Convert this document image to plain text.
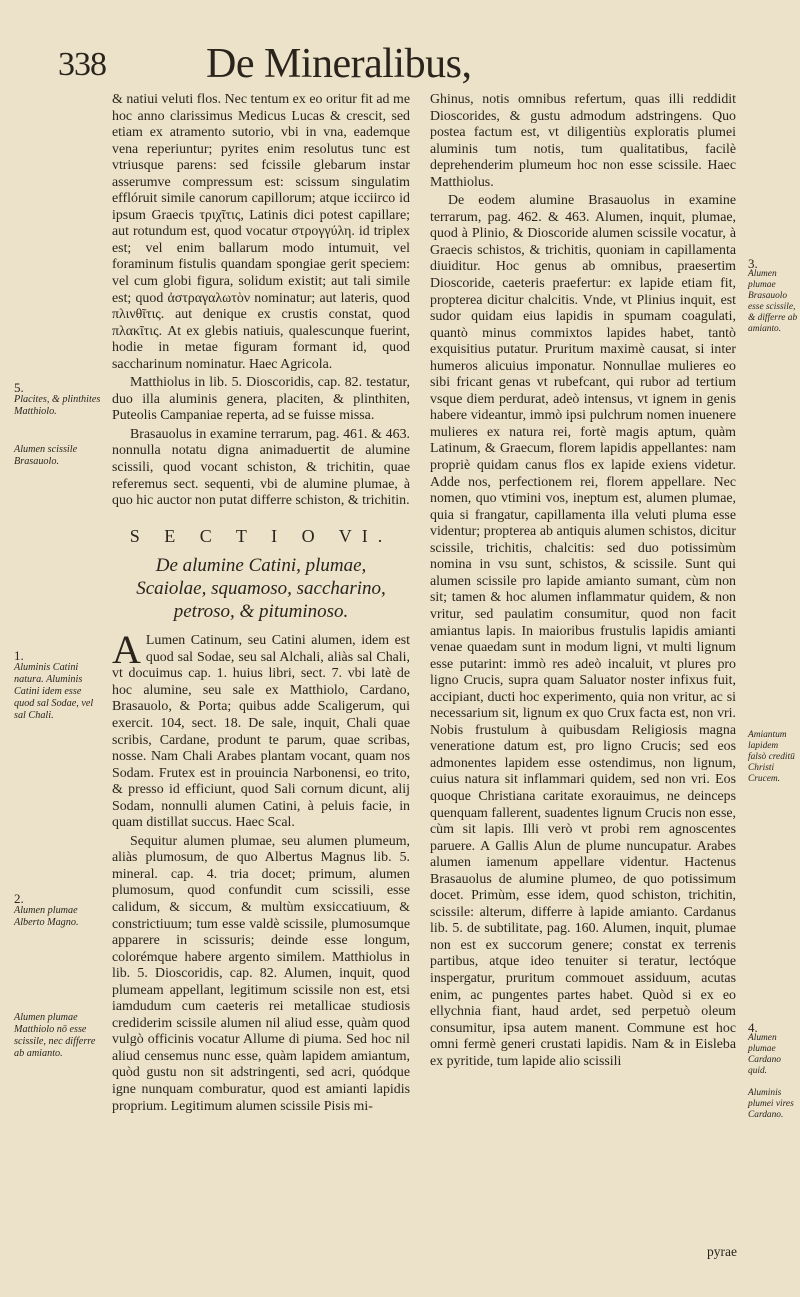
338 De Mineralibus,

& natiui veluti flos. Nec tentum ex eo oritur fit ad me hoc anno clarissimus Medicus Lucas & crescit, sed etiam ex atramento sutorio, vbi in vna, eademque vena reperiuntur; pyrites enim resolutus tunc est vtriusque parens: sed fcissile glebarum instar asserumve compressum est: scissum singulatim efflóruit simile canorum capillorum; atque icciirco id ipsum Graecis τριχῖτις, Latinis dici potest capillare; aut rotundum est, quod vocatur στρογγύλη. id triplex est; vel enim ballarum modo intumuit, vel foraminum fistulis quandam spongiae gerit speciem: vel cum globi figura, solidum existit; aut tali simile est; quod ἀστραγαλωτὸν nominatur; aut lateris, quod πλινθῖτις. aut denique ex crustis constat, quod πλακῖτις. At ex glebis natiuis, qualescunque fuerint, hodie in metae figuram formant id, quod saccharinum nominatur. Haec Agricola.

Matthiolus in lib. 5. Dioscoridis, cap. 82. testatur, duo illa aluminis genera, placiten, & plinthiten, Puteolis Campaniae reperta, ad se fuisse missa.

Brasauolus in examine terrarum, pag. 461. & 463. nonnulla notatu digna animaduertit de alumine scissili, quod vocant schiston, & trichitin, quae referemus sect. sequenti, vbi de alumine plumae, à quo hic auctor non putat differre schiston, & trichitin.

S E C T I O VI.
De alumine Catini, plumae, Scaiolae, squamoso, saccharino, petroso, & pituminoso.

A Lumen Catinum, seu Catini alumen, idem est quod sal Sodae, seu sal Alchali, aliàs sal Chali, vt docuimus cap. 1. huius libri, sect. 7. vbi latè de hoc alumine, seu sale ex Matthiolo, Cardano, Brasauolo, & Porta; quibus adde Scaligerum, qui exercit. 104, sect. 18. De sale, inquit, Chali quae scribis, Cardane, produnt te parum, quae scribas, nosse. Nam Chali Arabes plantam vocant, quam nos Sodam. Frutex est in prouincia Narbonensi, eo trito, & presso id efficiunt, quod Sali cornum dicunt, alij Sodam, nonnulli alumen Catini, à peluis facie, in quam distillat succus. Haec Scal.

Sequitur alumen plumae, seu alumen plumeum, aliàs plumosum, de quo Albertus Magnus lib. 5. mineral. cap. 4. tria docet; primum, alumen plumosum, quod confundit cum scissili, esse calidum, & siccum, & multùm exsiccatiuum, & constrictiuum; tum esse valdè scissile, plumosumque apparere in scissuris; deinde esse longum, colorémque habere argento similem. Matthiolus in lib. 5. Dioscoridis, cap. 82. Alumen, inquit, quod plumeam appellant, legitimum scissile non est, etsi iamdudum cum caeteris rei metallicae studiosis crediderim scissile alumen nil aliud esse, quàm quod vulgò officinis vocatur Allume di piuma. Sed hoc nil aliud censemus nunc esse, quàm lapidem amiantum, quòd gustu non sit adstringenti, sed acri, quódque igne nunquam comburatur, quod est amianti lapidis proprium. Legitimum alumen scissile Pisis mi-

Ghinus, notis omnibus refertum, quas illi reddidit Dioscorides, & gustu admodum adstringens. Quo postea factum est, vt diligentiùs exploratis plumei aluminis tum notis, tum qualitatibus, facilè deprehenderim plumeum hoc non esse scissile. Haec Matthiolus.

De eodem alumine Brasauolus in examine terrarum, pag. 462. & 463. Alumen, inquit, plumae, quod à Plinio, & Dioscoride alumen scissile vocatur, à Graecis schistos, & trichitis, quoniam in capillamenta diuiditur. Hoc genus ab omnibus, praesertim Dioscoride, caeteris praefertur: ex lapide etiam fit, propterea dicitur chalcitis. Vnde, vt Plinius inquit, est sudor quidam eius lapidis in spumam coagulati, quantò minus commixtos lapides habet, tantò exquisitius putatur. Pruritum maximè causat, si inter humeros alicuius imponatur. Nonnullae mulieres eo sibi fricant genas vt rubefcant, qui rubor ad tertium vsque diem perdurat, adeò intensus, vt ignem in genis habere videantur, immò ipsi pulchrum nomen inuenere mulieres ex natura rei, fortè magis aptum, quàm Latinum, & Graecum, florem lapidis appellantes: nam propriè quidam canus flos ex lapide exiens videtur. Adde nos, perfectionem rei, florem appellare. Nec nomen, quo vtimini vos, ineptum est, alumen plumae, quia si frangatur, capillamenta illa veluti pluma esse videntur; propterea ab antiquis alumen schistos, dicitur scissile, trichitis, chalcitis: sed duo potissimùm nomina in vsu sunt, schistos, & scissile. Sunt qui alumen scissile pro lapide amianto sumant, cùm non sit; tamen & hoc alumen inflammatur quidem, & non vritur, sed paulatim consumitur, quod non facit amiantus lapis. In maioribus frustulis lapidis amianti venae quaedam sunt in modum ligni, vt multi lignum esse putarint: immò res adeò incaluit, vt plures pro ligno Crucis, supra quam Saluator noster infixus fuit, accipiant, ducti hoc experimento, quia non vritur, ac si necessarium sit, lignum ex quo Crux facta est, non vri. Nobis frustulum à quibusdam Religiosis magna veneratione datum est, pro ligno Crucis; sed eos admonentes lapidem esse ostendimus, non lignum, cuius natura sit inflammari quidem, sed non vri. Eos quoque Christiana caritate exorauimus, ne deinceps quenquam fallerent, suadentes lignum Crucis non esse, cùm sit lapis. Illi verò vt probi rem agnoscentes paruere. A Gallis Alun de plume nuncupatur. Arabes alumen iamenum appellare videntur. Hactenus Brasauolus de alumine plumeo, de quo potissimum docet. Primùm, esse idem, quod schiston, trichitin, scissile: alterum, differre à lapide amianto. Cardanus lib. 5. de subtilitate, pag. 160. Alumen, inquit, plumae non est ex succorum genere; constat ex terrenis partibus, atque ideo tenuiter si teratur, lectóque inspergatur, pruritum commouet assiduum, acutas enim, ac pungentes partes habet. Quòd si ex eo ellychnia fiant, haud ardet, sed perpetuò oleum consumitur, ipsa autem manent. Commune est hoc omni fermè generi crustati lapidis. Nam & in Eisleba ex pyritide, tum lapide alio scissili

5.
Placites, & plinthites Matthiolo.
Alumen scissile Brasauolo.
1.
Aluminis Catini natura. Aluminis Catini idem esse quod sal Sodae, vel sal Chali.
2.
Alumen plumae Alberto Magno.
Alumen plumae Matthiolo nō esse scissile, nec differre ab amianto.
3.
Alumen plumae Brasauolo esse scissile, & differre ab amianto.
Amiantum lapidem falsò creditū Christi Crucem.
4.
Alumen plumae Cardano quid.
Aluminis plumei vires Cardano.
pyrae
